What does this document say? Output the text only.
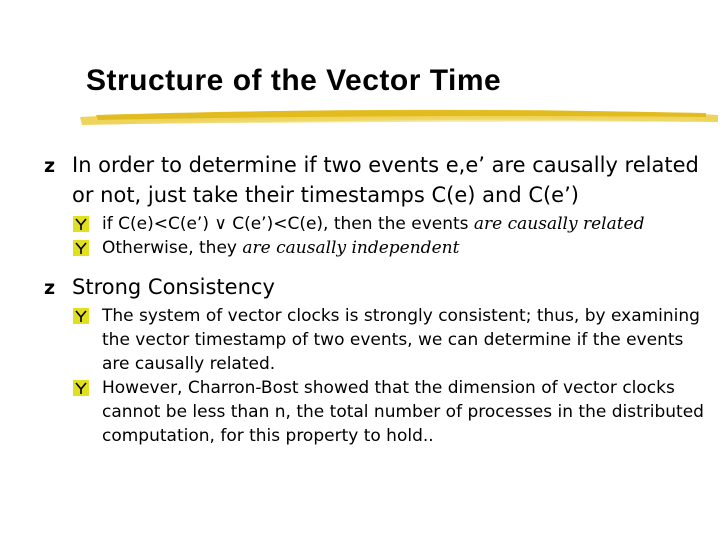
Structure of the Vector Time
z In order to determine if two events e,e’ are causally related or not, just take their timestamps C(e) and C(e’)
if C(e)<C(e’) ∨ C(e’)<C(e), then the events are causally related
Otherwise, they are causally independent
z Strong Consistency
The system of vector clocks is strongly consistent; thus, by examining the vector timestamp of two events, we can determine if the events are causally related.
However, Charron-Bost showed that the dimension of vector clocks cannot be less than n, the total number of processes in the distributed computation, for this property to hold..
